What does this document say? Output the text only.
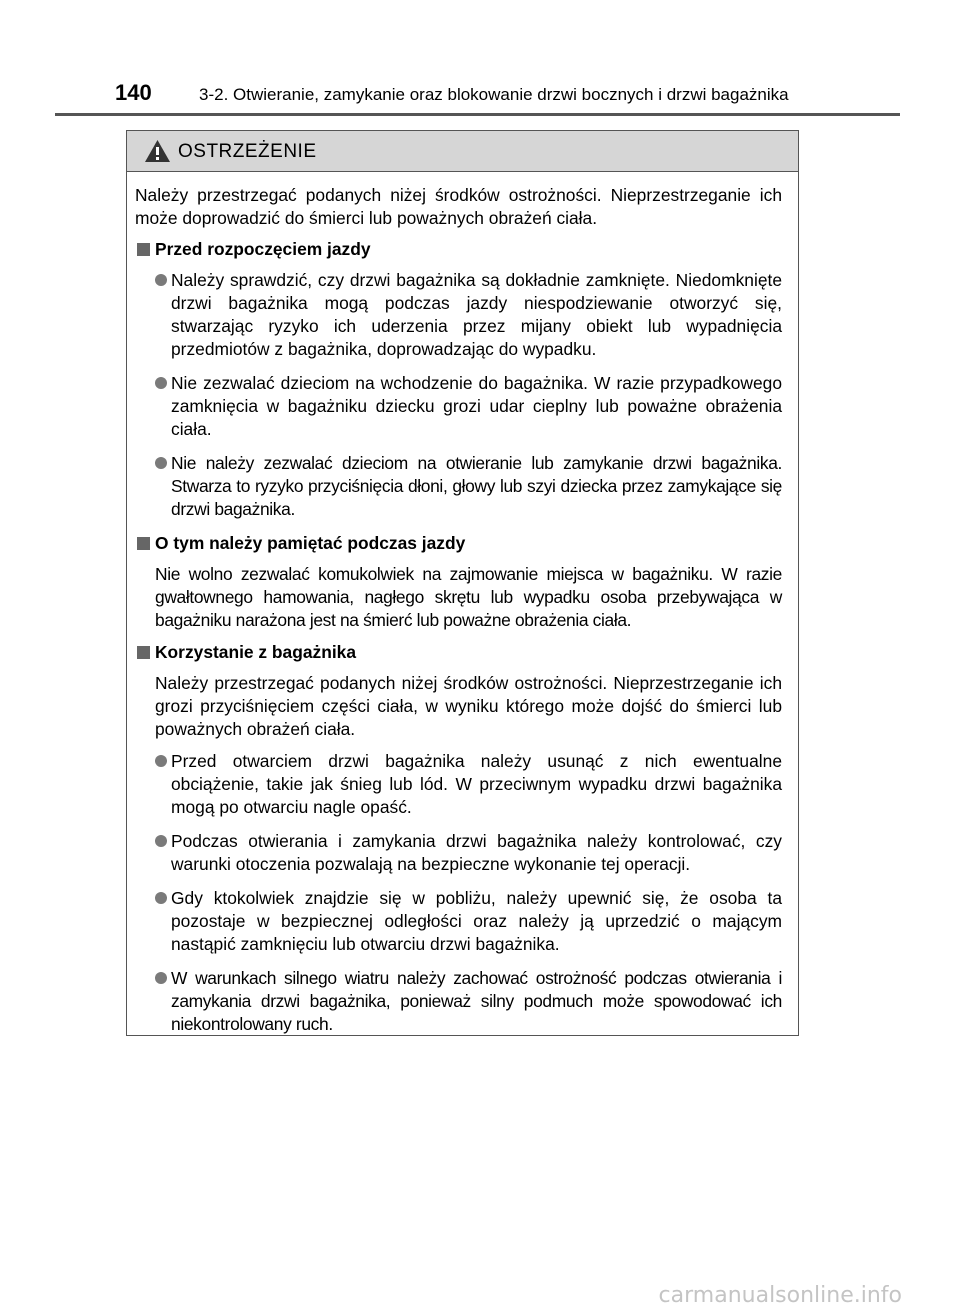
140	3-2. Otwieranie, zamykanie oraz blokowanie drzwi bocznych i drzwi bagażnika
OSTRZEŻENIE

Należy przestrzegać podanych niżej środków ostrożności. Nieprzestrzeganie ich może doprowadzić do śmierci lub poważnych obrażeń ciała.

Przed rozpoczęciem jazdy
Należy sprawdzić, czy drzwi bagażnika są dokładnie zamknięte. Niedomknięte drzwi bagażnika mogą podczas jazdy niespodziewanie otworzyć się, stwarzając ryzyko ich uderzenia przez mijany obiekt lub wypadnięcia przedmiotów z bagażnika, doprowadzając do wypadku.
Nie zezwalać dzieciom na wchodzenie do bagażnika. W razie przypadkowego zamknięcia w bagażniku dziecku grozi udar cieplny lub poważne obrażenia ciała.
Nie należy zezwalać dzieciom na otwieranie lub zamykanie drzwi bagażnika. Stwarza to ryzyko przyciśnięcia dłoni, głowy lub szyi dziecka przez zamykające się drzwi bagażnika.
O tym należy pamiętać podczas jazdy

Nie wolno zezwalać komukolwiek na zajmowanie miejsca w bagażniku. W razie gwałtownego hamowania, nagłego skrętu lub wypadku osoba przebywająca w bagażniku narażona jest na śmierć lub poważne obrażenia ciała.

Korzystanie z bagażnika

Należy przestrzegać podanych niżej środków ostrożności. Nieprzestrzeganie ich grozi przyciśnięciem części ciała, w wyniku którego może dojść do śmierci lub poważnych obrażeń ciała.

Przed otwarciem drzwi bagażnika należy usunąć z nich ewentualne obciążenie, takie jak śnieg lub lód. W przeciwnym wypadku drzwi bagażnika mogą po otwarciu nagle opaść.
Podczas otwierania i zamykania drzwi bagażnika należy kontrolować, czy warunki otoczenia pozwalają na bezpieczne wykonanie tej operacji.
Gdy ktokolwiek znajdzie się w pobliżu, należy upewnić się, że osoba ta pozostaje w bezpiecznej odległości oraz należy ją uprzedzić o mającym nastąpić zamknięciu lub otwarciu drzwi bagażnika.
W warunkach silnego wiatru należy zachować ostrożność podczas otwierania i zamykania drzwi bagażnika, ponieważ silny podmuch może spowodować ich niekontrolowany ruch.
carmanualsonline.info
